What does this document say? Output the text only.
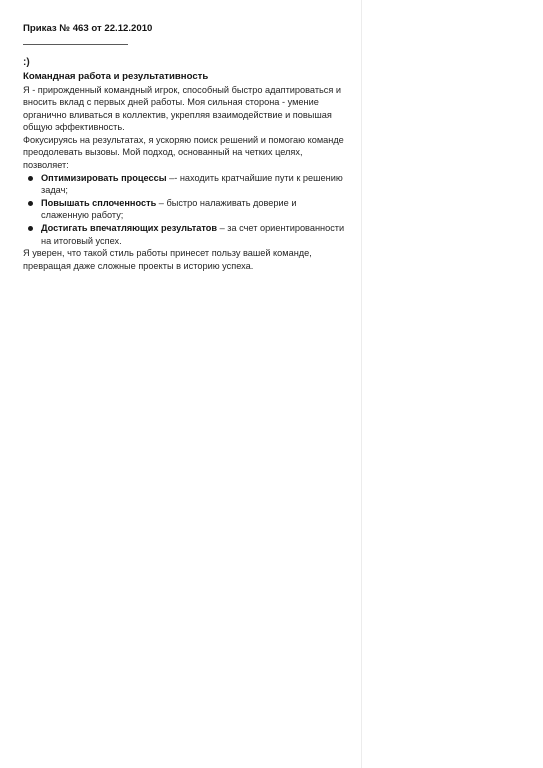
Приказ № 463 от 22.12.2010
:)
Командная работа и результативность

Я - прирожденный командный игрок, способный быстро адаптироваться и вносить вклад с первых дней работы. Моя сильная сторона - умение органично вливаться в коллектив, укрепляя взаимодействие и повышая общую эффективность.

Фокусируясь на результатах, я ускоряю поиск решений и помогаю команде преодолевать вызовы. Мой подход, основанный на четких целях, позволяет:

Оптимизировать процессы –- находить кратчайшие пути к решению задач;
Повышать сплоченность – быстро налаживать доверие и слаженную работу;
Достигать впечатляющих результатов – за счет ориентированности на итоговый успех.

Я уверен, что такой стиль работы принесет пользу вашей команде, превращая даже сложные проекты в историю успеха.
